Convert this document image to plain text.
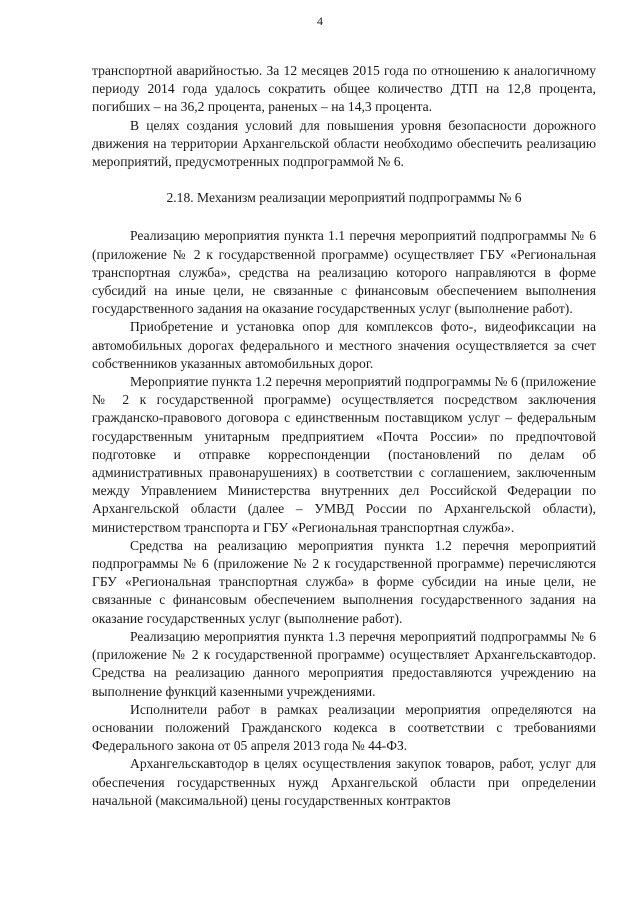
4

транспортной аварийностью. За 12 месяцев 2015 года по отношению к аналогичному периоду 2014 года удалось сократить общее количество ДТП на 12,8 процента, погибших – на 36,2 процента, раненых – на 14,3 процента.

В целях создания условий для повышения уровня безопасности дорожного движения на территории Архангельской области необходимо обеспечить реализацию мероприятий, предусмотренных подпрограммой № 6.

2.18. Механизм реализации мероприятий подпрограммы № 6

Реализацию мероприятия пункта 1.1 перечня мероприятий подпрограммы № 6 (приложение № 2 к государственной программе) осуществляет ГБУ «Региональная транспортная служба», средства на реализацию которого направляются в форме субсидий на иные цели, не связанные с финансовым обеспечением выполнения государственного задания на оказание государственных услуг (выполнение работ).

Приобретение и установка опор для комплексов фото-, видеофиксации на автомобильных дорогах федерального и местного значения осуществляется за счет собственников указанных автомобильных дорог.

Мероприятие пункта 1.2 перечня мероприятий подпрограммы № 6 (приложение № 2 к государственной программе) осуществляется посредством заключения гражданско-правового договора с единственным поставщиком услуг – федеральным государственным унитарным предприятием «Почта России» по предпочтовой подготовке и отправке корреспонденции (постановлений по делам об административных правонарушениях) в соответствии с соглашением, заключенным между Управлением Министерства внутренних дел Российской Федерации по Архангельской области (далее – УМВД России по Архангельской области), министерством транспорта и ГБУ «Региональная транспортная служба».

Средства на реализацию мероприятия пункта 1.2 перечня мероприятий подпрограммы № 6 (приложение № 2 к государственной программе) перечисляются ГБУ «Региональная транспортная служба» в форме субсидии на иные цели, не связанные с финансовым обеспечением выполнения государственного задания на оказание государственных услуг (выполнение работ).

Реализацию мероприятия пункта 1.3 перечня мероприятий подпрограммы № 6 (приложение № 2 к государственной программе) осуществляет Архангельскавтодор. Средства на реализацию данного мероприятия предоставляются учреждению на выполнение функций казенными учреждениями.

Исполнители работ в рамках реализации мероприятия определяются на основании положений Гражданского кодекса в соответствии с требованиями Федерального закона от 05 апреля 2013 года № 44-ФЗ.

Архангельскавтодор в целях осуществления закупок товаров, работ, услуг для обеспечения государственных нужд Архангельской области при определении начальной (максимальной) цены государственных контрактов
